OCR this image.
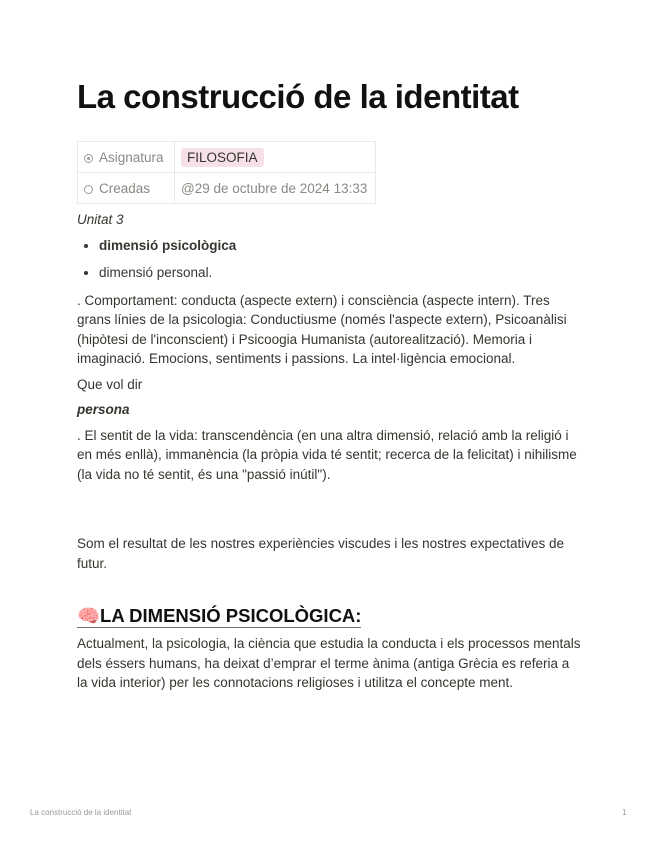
La construcció de la identitat
Asignatura	FILOSOFIA
Creadas	@29 de octubre de 2024 13:33

Unitat 3

• dimensió psicològica
• dimensió personal.

. Comportament: conducta (aspecte extern) i consciència (aspecte intern). Tres grans línies de la psicologia: Conductiusme (només l'aspecte extern), Psicoanàlisi (hipòtesi de l'inconscient) i Psicoogia Humanista (autorealització). Memoria i imaginació. Emocions, sentiments i passions. La intel·ligència emocional.

Que vol dir

persona

. El sentit de la vida: transcendència (en una altra dimensió, relació amb la religió i en més enllà), immanència (la pròpia vida té sentit; recerca de la felicitat) i nihilisme (la vida no té sentit, és una "passió inútil").

Som el resultat de les nostres experiències viscudes i les nostres expectatives de futur.

🧠LA DIMENSIÓ PSICOLÒGICA:

Actualment, la psicologia, la ciència que estudia la conducta i els processos mentals dels éssers humans, ha deixat d’emprar el terme ànima (antiga Grècia es referia a la vida interior) per les connotacions religioses i utilitza el concepte ment.

La construcció de la identitat	1
